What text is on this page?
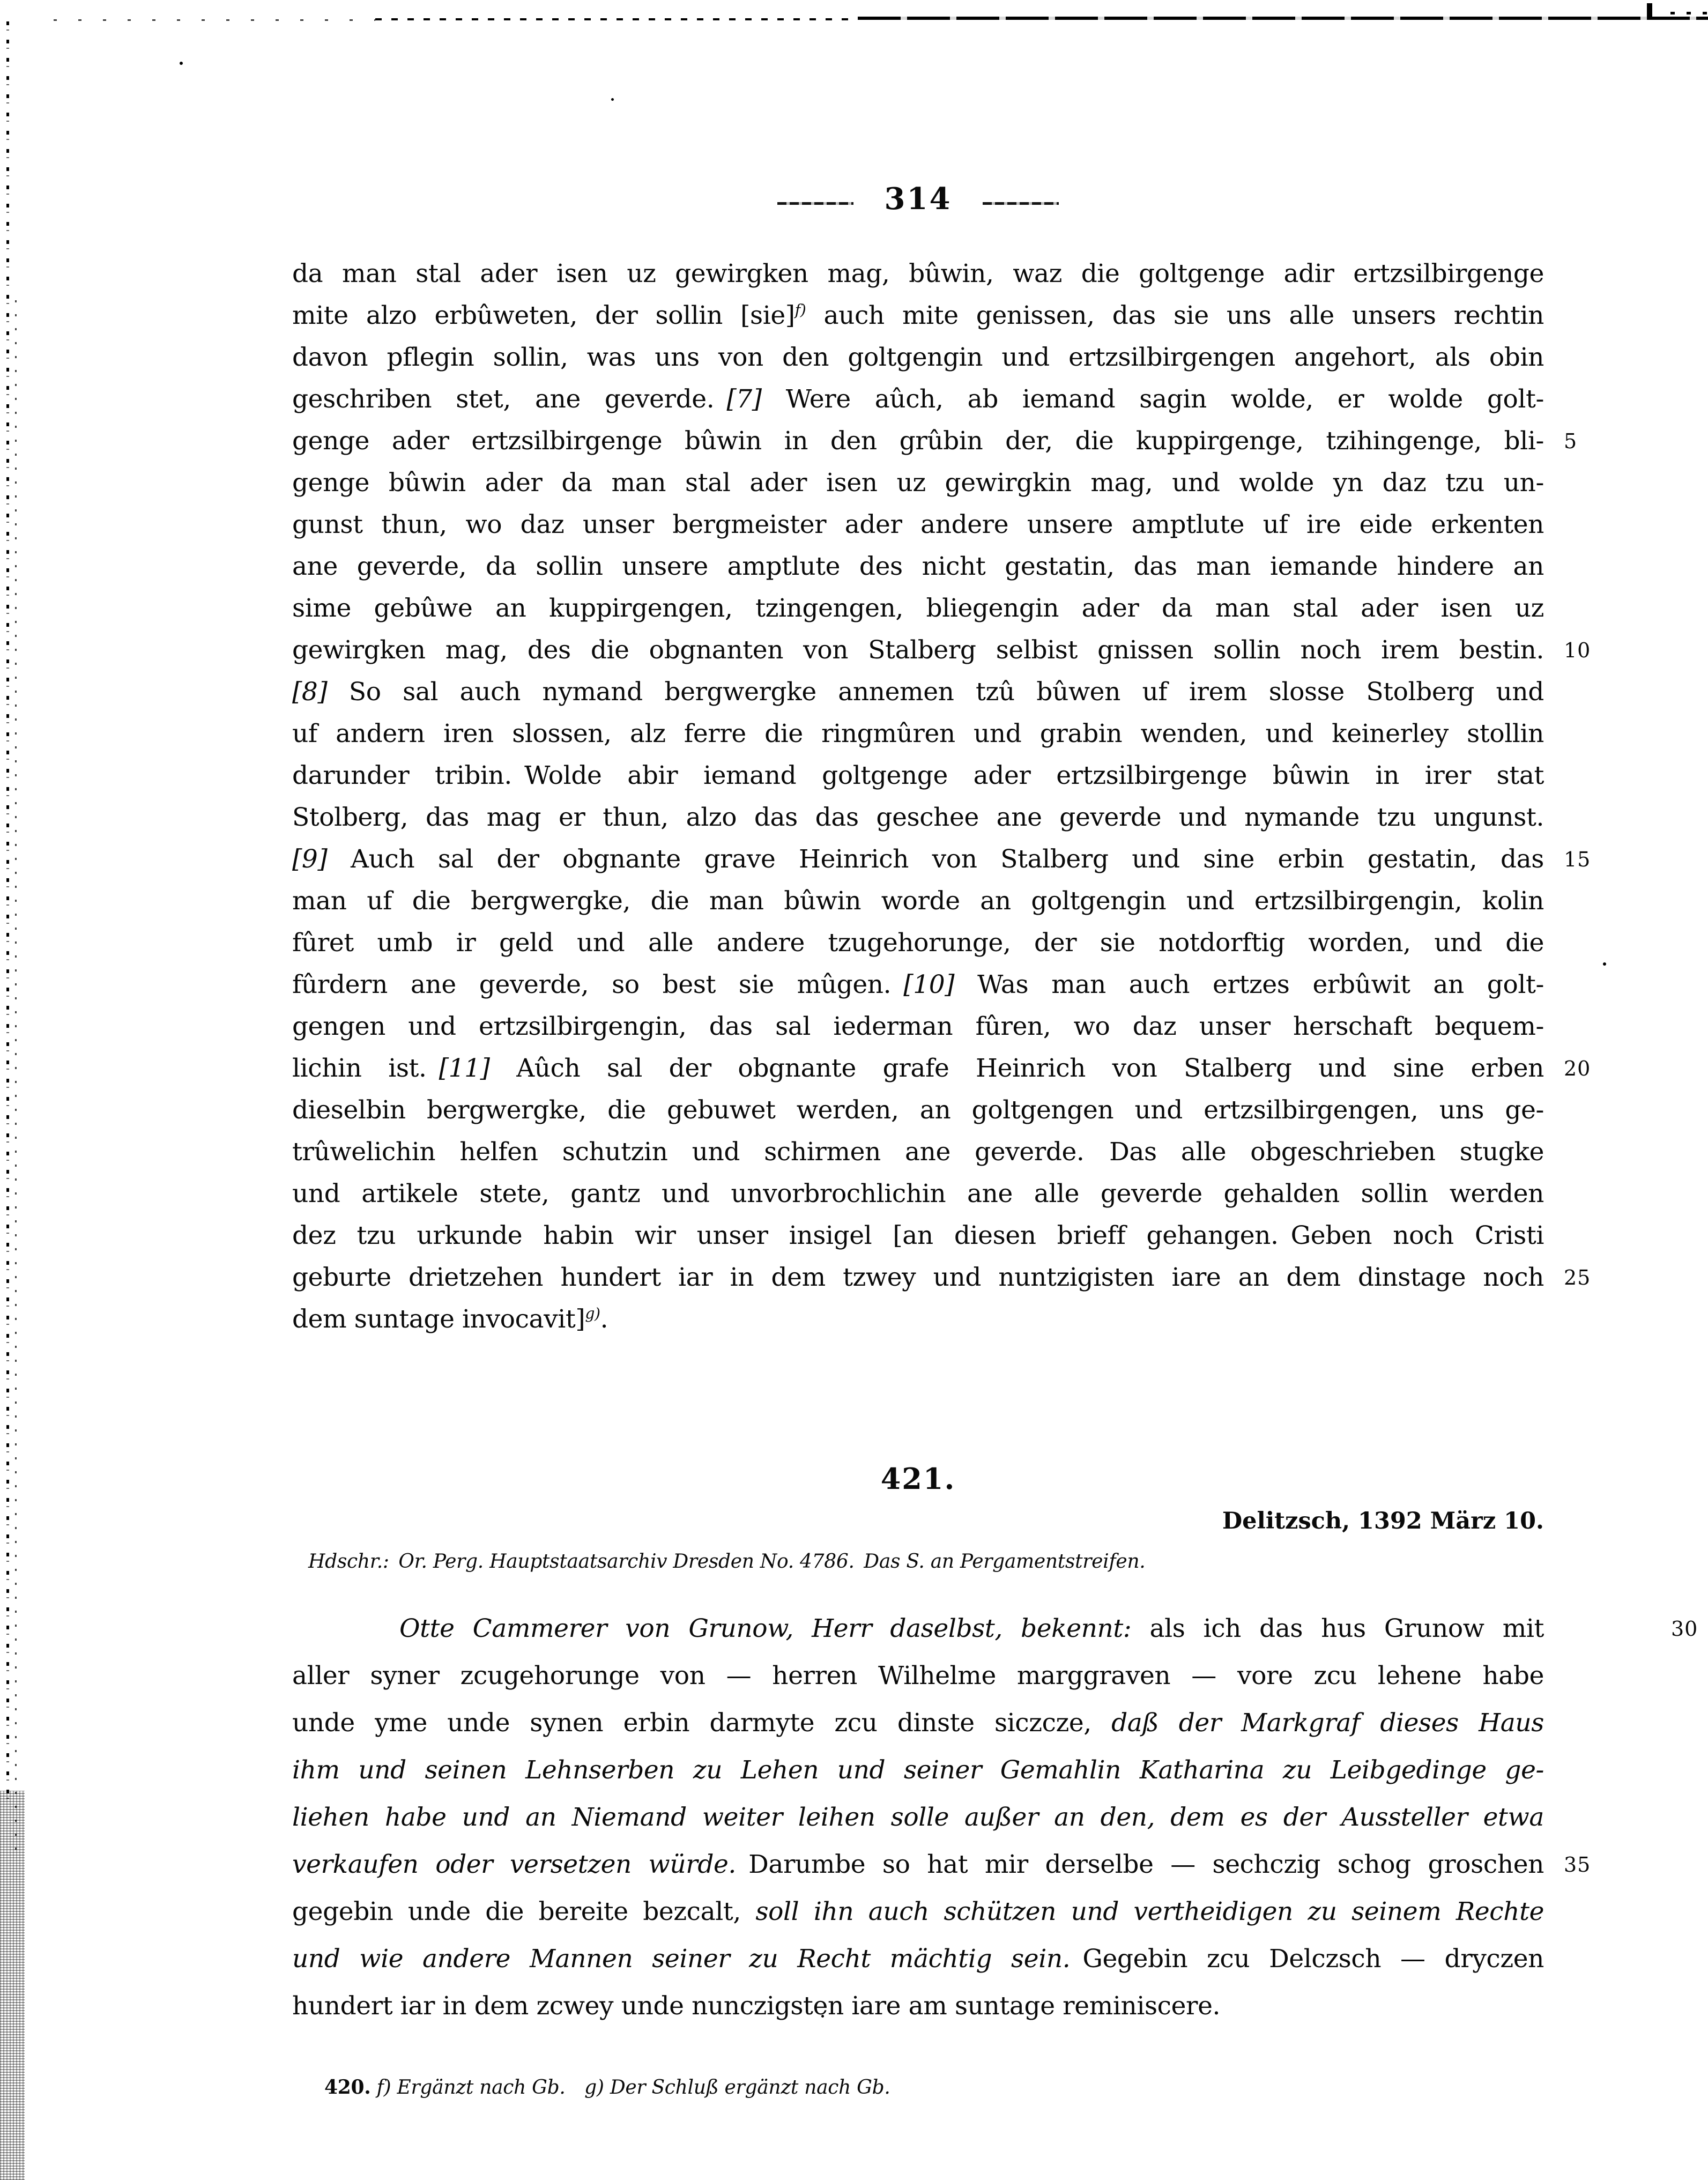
314
da man stal ader isen uz gewirgken mag, bûwin, waz die goltgenge adir ertzsilbirgenge
mite alzo erbûweten, der sollin [sie]$^{f)}$ auch mite genissen, das sie uns alle unsers rechtin
davon pflegin sollin, was uns von den goltgengin und ertzsilbirgengen angehort, als obin
geschriben stet, ane geverde. [7] Were aûch, ab iemand sagin wolde, er wolde golt-
genge ader ertzsilbirgenge bûwin in den grûbin der, die kuppirgenge, tzihingenge, bli- 5
genge bûwin ader da man stal ader isen uz gewirgkin mag, und wolde yn daz tzu un-
gunst thun, wo daz unser bergmeister ader andere unsere amptlute uf ire eide erkenten
ane geverde, da sollin unsere amptlute des nicht gestatin, das man iemande hindere an
sime gebûwe an kuppirgengen, tzingengen, bliegengin ader da man stal ader isen uz
gewirgken mag, des die obgnanten von Stalberg selbist gnissen sollin noch irem bestin. 10
[8] So sal auch nymand bergwergke annemen tzû bûwen uf irem slosse Stolberg und
uf andern iren slossen, alz ferre die ringmûren und grabin wenden, und keinerley stollin
darunder tribin. Wolde abir iemand goltgenge ader ertzsilbirgenge bûwin in irer stat
Stolberg, das mag er thun, alzo das das geschee ane geverde und nymande tzu ungunst.
[9] Auch sal der obgnante grave Heinrich von Stalberg und sine erbin gestatin, das 15
man uf die bergwergke, die man bûwin worde an goltgengin und ertzsilbirgengin, kolin
fûret umb ir geld und alle andere tzugehorunge, der sie notdorftig worden, und die
fûrdern ane geverde, so best sie mûgen. [10] Was man auch ertzes erbûwit an golt-
gengen und ertzsilbirgengin, das sal iederman fûren, wo daz unser herschaft bequem-
lichin ist. [11] Aûch sal der obgnante grafe Heinrich von Stalberg und sine erben 20
dieselbin bergwergke, die gebuwet werden, an goltgengen und ertzsilbirgengen, uns ge-
trûwelichin helfen schutzin und schirmen ane geverde. Das alle obgeschrieben stugke
und artikele stete, gantz und unvorbrochlichin ane alle geverde gehalden sollin werden
dez tzu urkunde habin wir unser insigel [an diesen brieff gehangen. Geben noch Cristi
geburte drietzehen hundert iar in dem tzwey und nuntzigisten iare an dem dinstage noch 25
dem suntage invocavit]$^{g)}$.
421.
Delitzsch, 1392 März 10.
Hdschr.: Or. Perg. Hauptstaatsarchiv Dresden No. 4786. Das S. an Pergamentstreifen.
Otte Cammerer von Grunow, Herr daselbst, bekennt: als ich das hus Grunow mit	30
aller syner zcugehorunge von — herren Wilhelme marggraven — vore zcu lehene habe
unde yme unde synen erbin darmyte zcu dinste siczcze, daß der Markgraf dieses Haus
ihm und seinen Lehnserben zu Lehen und seiner Gemahlin Katharina zu Leibgedinge ge-
liehen habe und an Niemand weiter leihen solle außer an den, dem es der Aussteller etwa
verkaufen oder versetzen würde. Darumbe so hat mir derselbe — sechczig schog groschen 35
gegebin unde die bereite bezcalt, soll ihn auch schützen und vertheidigen zu seinem Rechte
und wie andere Mannen seiner zu Recht mächtig sein. Gegebin zcu Delczsch — dryczen
hundert iar in dem zcwey unde nunczigsten iare am suntage reminiscere.
420. f) Ergänzt nach Gb. g) Der Schluß ergänzt nach Gb.
